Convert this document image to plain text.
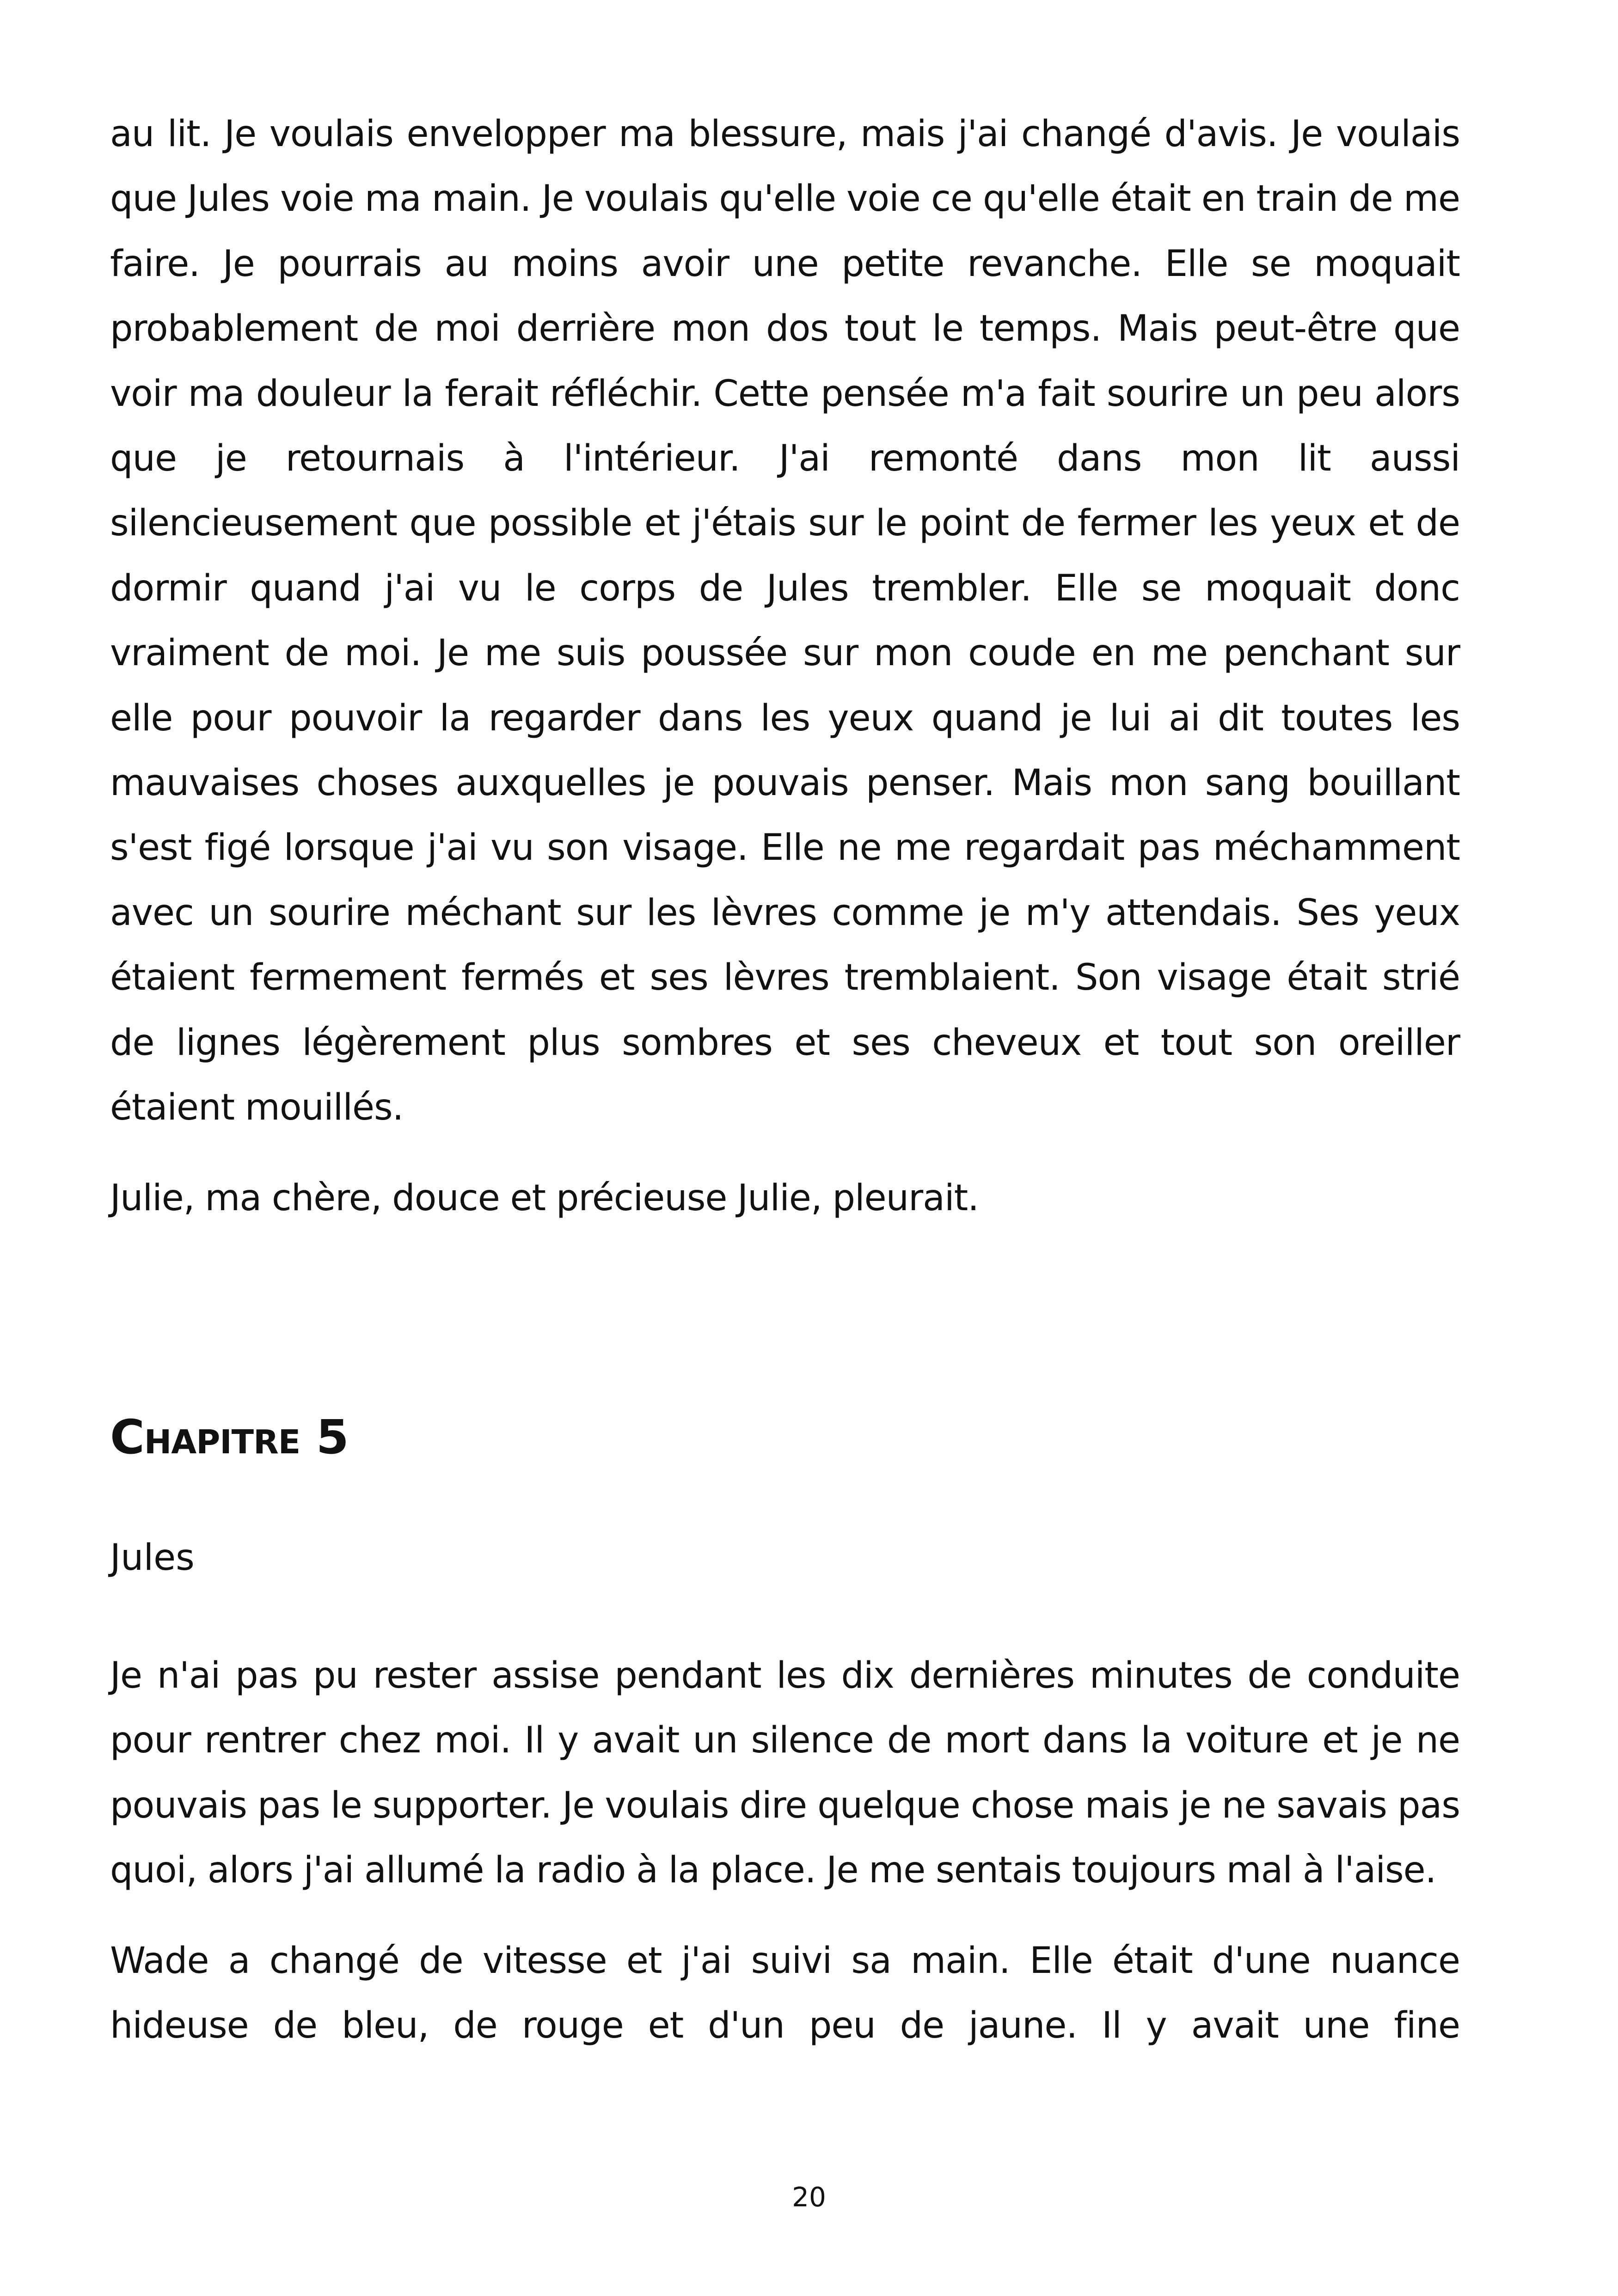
au lit. Je voulais envelopper ma blessure, mais j'ai changé d'avis. Je voulais que Jules voie ma main. Je voulais qu'elle voie ce qu'elle était en train de me faire. Je pourrais au moins avoir une petite revanche. Elle se moquait probablement de moi derrière mon dos tout le temps. Mais peut-être que voir ma douleur la ferait réfléchir. Cette pensée m'a fait sourire un peu alors que je retournais à l'intérieur. J'ai remonté dans mon lit aussi silencieusement que possible et j'étais sur le point de fermer les yeux et de dormir quand j'ai vu le corps de Jules trembler. Elle se moquait donc vraiment de moi. Je me suis poussée sur mon coude en me penchant sur elle pour pouvoir la regarder dans les yeux quand je lui ai dit toutes les mauvaises choses auxquelles je pouvais penser. Mais mon sang bouillant s'est figé lorsque j'ai vu son visage. Elle ne me regardait pas méchamment avec un sourire méchant sur les lèvres comme je m'y attendais. Ses yeux étaient fermement fermés et ses lèvres tremblaient. Son visage était strié de lignes légèrement plus sombres et ses cheveux et tout son oreiller étaient mouillés.

Julie, ma chère, douce et précieuse Julie, pleurait.

Chapitre 5

Jules

Je n'ai pas pu rester assise pendant les dix dernières minutes de conduite pour rentrer chez moi. Il y avait un silence de mort dans la voiture et je ne pouvais pas le supporter. Je voulais dire quelque chose mais je ne savais pas quoi, alors j'ai allumé la radio à la place. Je me sentais toujours mal à l'aise.

Wade a changé de vitesse et j'ai suivi sa main. Elle était d'une nuance hideuse de bleu, de rouge et d'un peu de jaune. Il y avait une fine

20
